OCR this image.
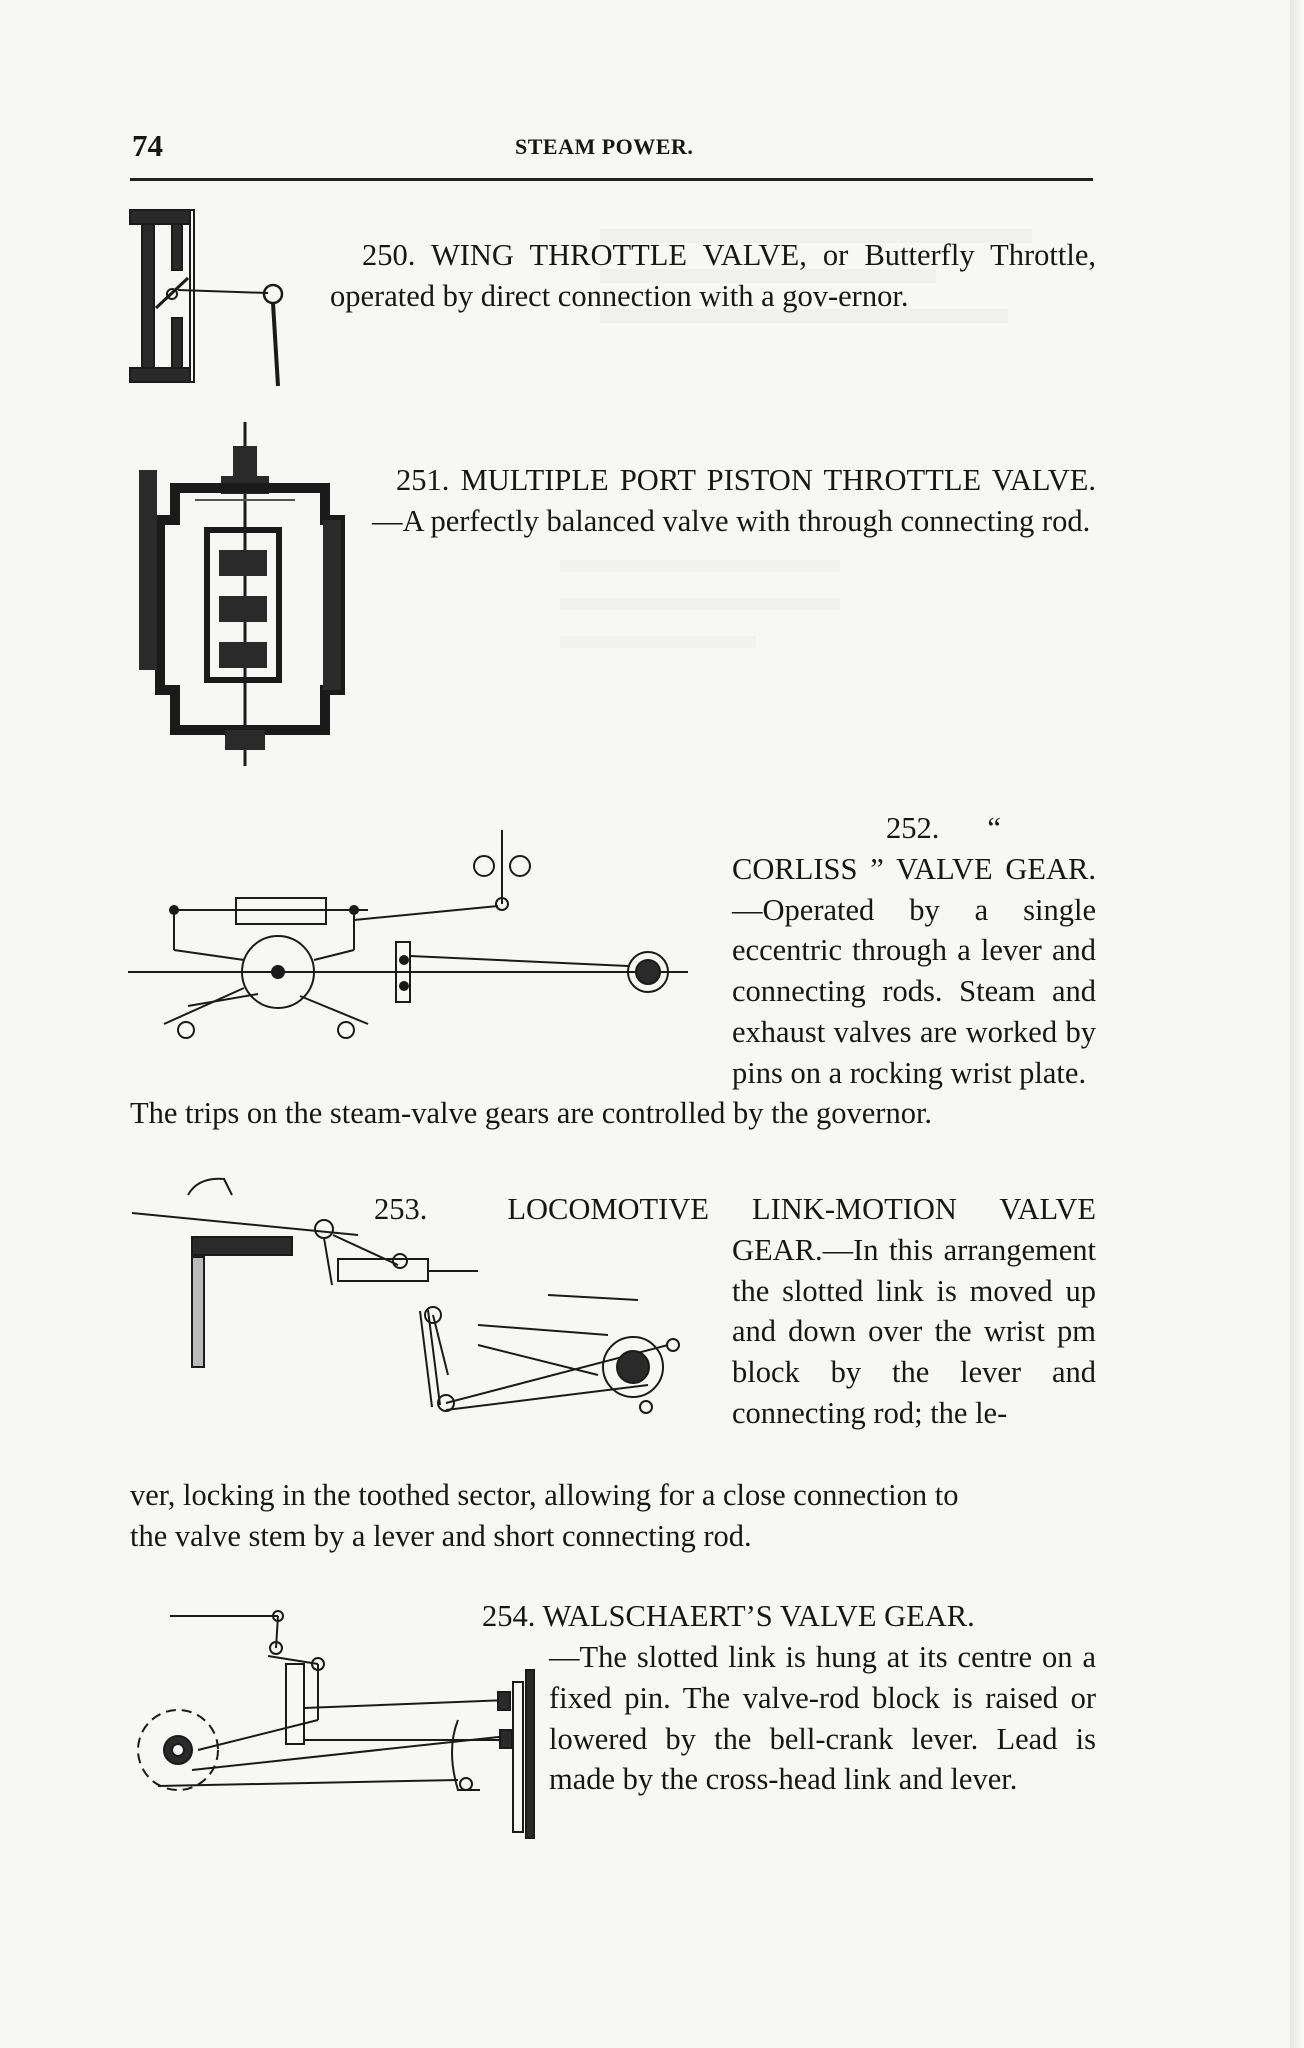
74	STEAM POWER.
250. WING THROTTLE VALVE, or Butterfly Throttle, operated by direct connection with a gov-ernor.
251. MULTIPLE PORT PISTON THROTTLE VALVE.—A perfectly balanced valve with through connecting rod.
252. “ CORLISS ” VALVE GEAR.—Operated by a single eccentric through a lever and connecting rods. Steam and exhaust valves are worked by pins on a rocking wrist plate.
The trips on the steam-valve gears are controlled by the governor.
253.	LOCOMOTIVE LINK-MOTION VALVE GEAR.—In this arrangement the slotted link is moved up and down over the wrist pm block by the lever and connecting rod; the le-
ver, locking in the toothed sector, allowing for a close connection to
the valve stem by a lever and short connecting rod.
254. WALSCHAERT’S VALVE GEAR.
—The slotted link is hung at its centre on a fixed pin. The valve-rod block is raised or lowered by the bell-crank lever. Lead is made by the cross-head link and lever.
